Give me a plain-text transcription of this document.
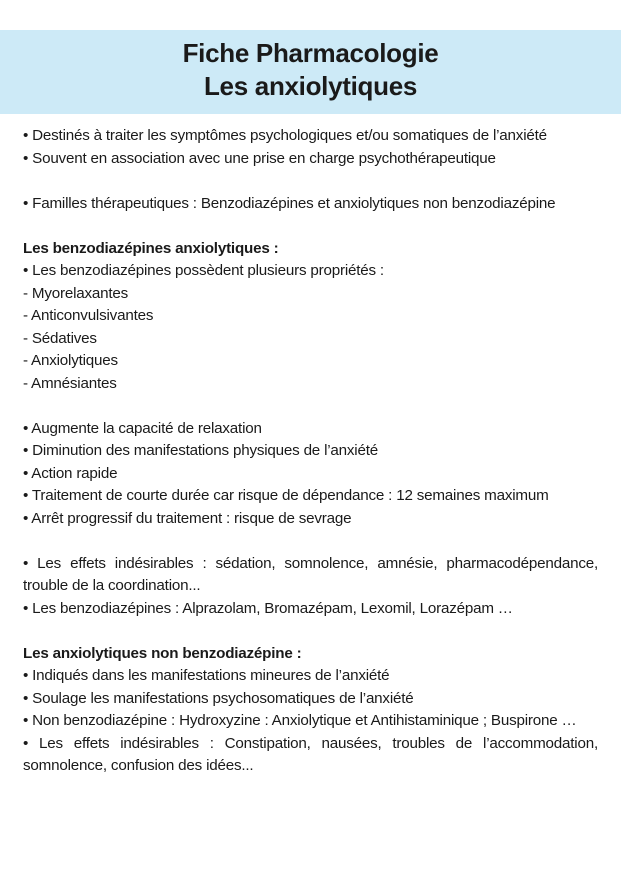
Fiche Pharmacologie
Les anxiolytiques
• Destinés à traiter les symptômes psychologiques et/ou somatiques de l’anxiété
• Souvent en association avec une prise en charge psychothérapeutique
• Familles thérapeutiques : Benzodiazépines et anxiolytiques non benzodiazépine
Les benzodiazépines anxiolytiques :
• Les benzodiazépines possèdent plusieurs propriétés :
- Myorelaxantes
- Anticonvulsivantes
- Sédatives
- Anxiolytiques
- Amnésiantes
• Augmente la capacité de relaxation
• Diminution des manifestations physiques de l’anxiété
• Action rapide
• Traitement de courte durée car risque de dépendance : 12 semaines maximum
• Arrêt progressif du traitement : risque de sevrage
• Les effets indésirables : sédation, somnolence, amnésie, pharmacodépendance, trouble de la coordination...
• Les benzodiazépines : Alprazolam, Bromazépam, Lexomil, Lorazépam …
Les anxiolytiques non benzodiazépine :
• Indiqués dans les manifestations mineures de l’anxiété
• Soulage les manifestations psychosomatiques de l’anxiété
• Non benzodiazépine : Hydroxyzine : Anxiolytique et Antihistaminique ; Buspirone …
• Les effets indésirables : Constipation, nausées, troubles de l’accommodation, somnolence, confusion des idées...
